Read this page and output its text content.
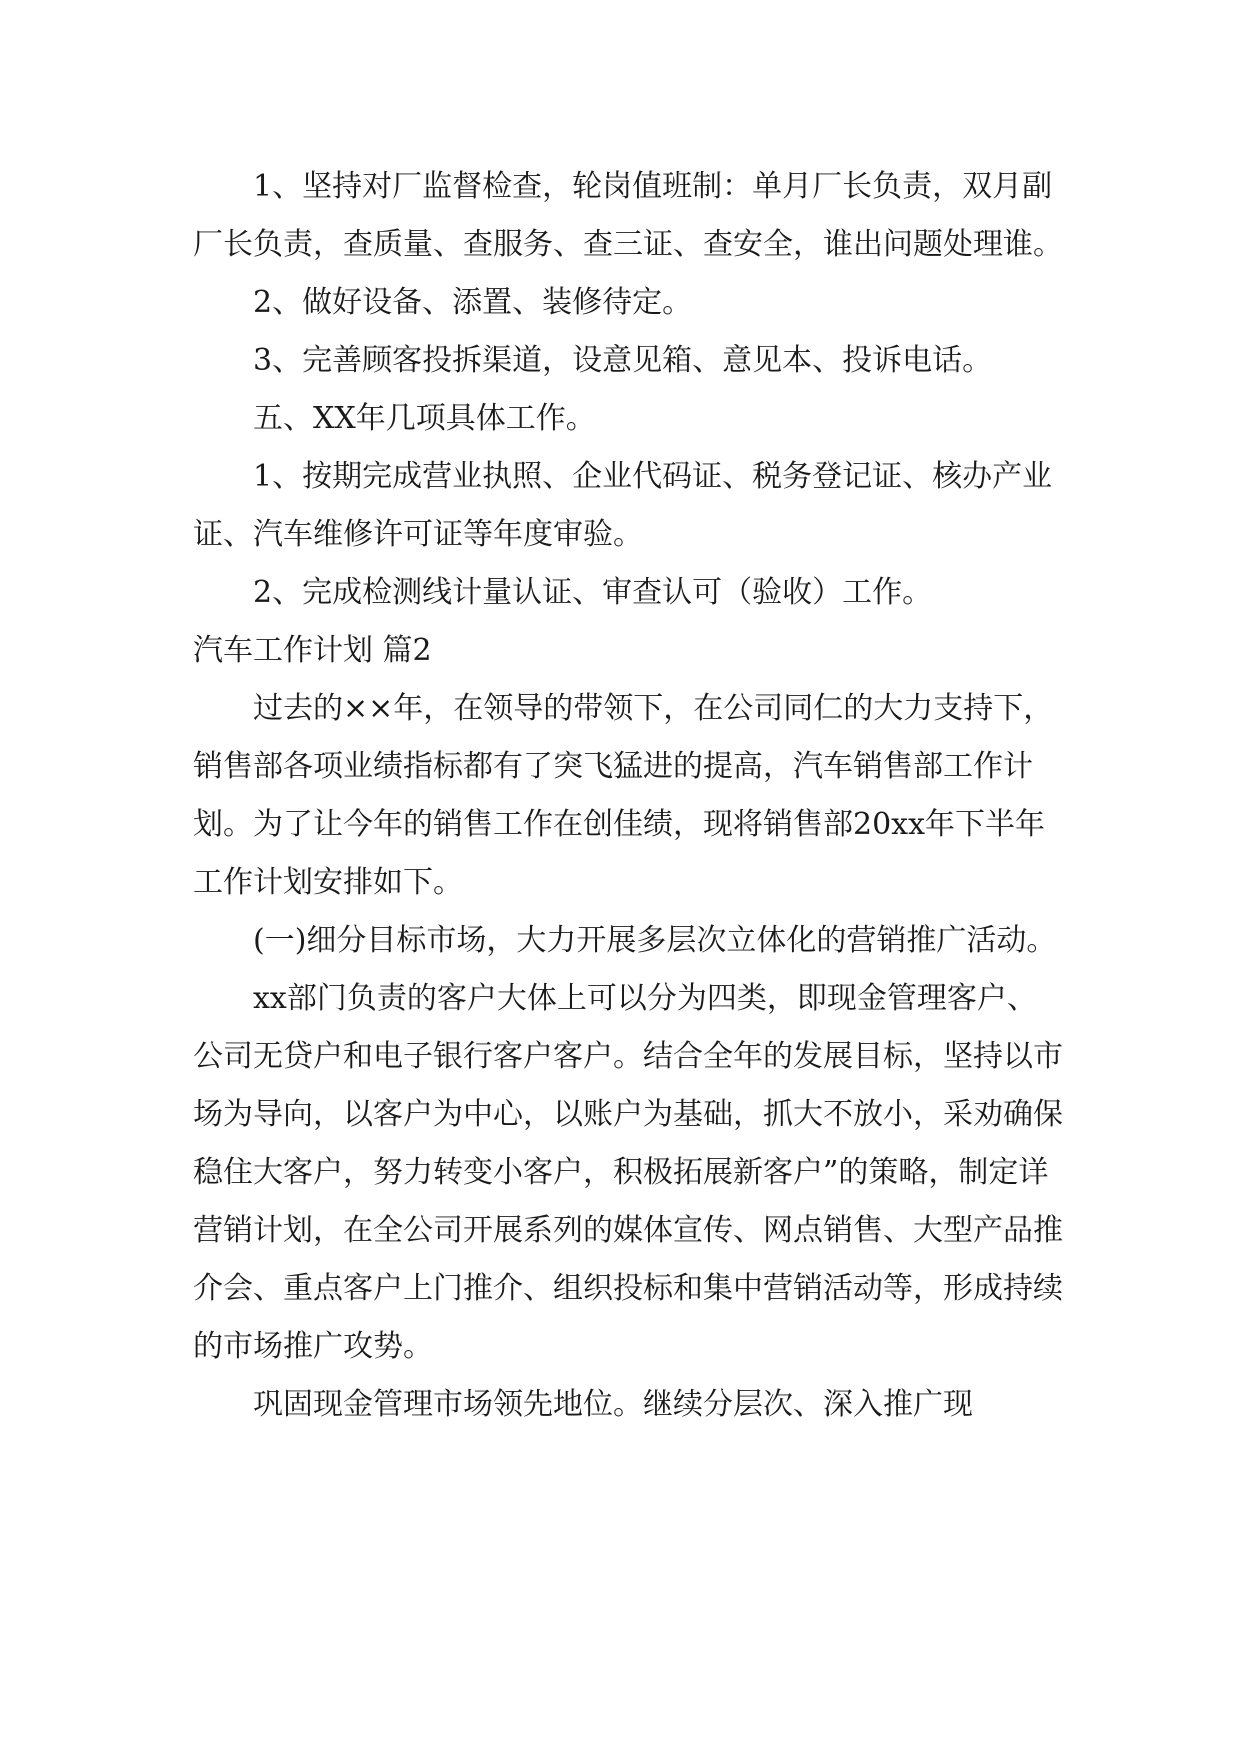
1、坚持对厂监督检查，轮岗值班制：单月厂长负责，双月副厂长负责，查质量、查服务、查三证、查安全，谁出问题处理谁。

2、做好设备、添置、装修待定。

3、完善顾客投拆渠道，设意见箱、意见本、投诉电话。

五、XX年几项具体工作。

1、按期完成营业执照、企业代码证、税务登记证、核办产业证、汽车维修许可证等年度审验。

2、完成检测线计量认证、审查认可（验收）工作。

汽车工作计划 篇2

过去的××年，在领导的带领下，在公司同仁的大力支持下，销售部各项业绩指标都有了突飞猛进的提高，汽车销售部工作计划。为了让今年的销售工作在创佳绩，现将销售部20xx年下半年工作计划安排如下。

(一)细分目标市场，大力开展多层次立体化的营销推广活动。

xx部门负责的客户大体上可以分为四类，即现金管理客户、公司无贷户和电子银行客户客户。结合全年的发展目标，坚持以市场为导向，以客户为中心，以账户为基础，抓大不放小，采劝确保稳住大客户，努力转变小客户，积极拓展新客户”的策略，制定详营销计划，在全公司开展系列的媒体宣传、网点销售、大型产品推介会、重点客户上门推介、组织投标和集中营销活动等，形成持续的市场推广攻势。

巩固现金管理市场领先地位。继续分层次、深入推广现
